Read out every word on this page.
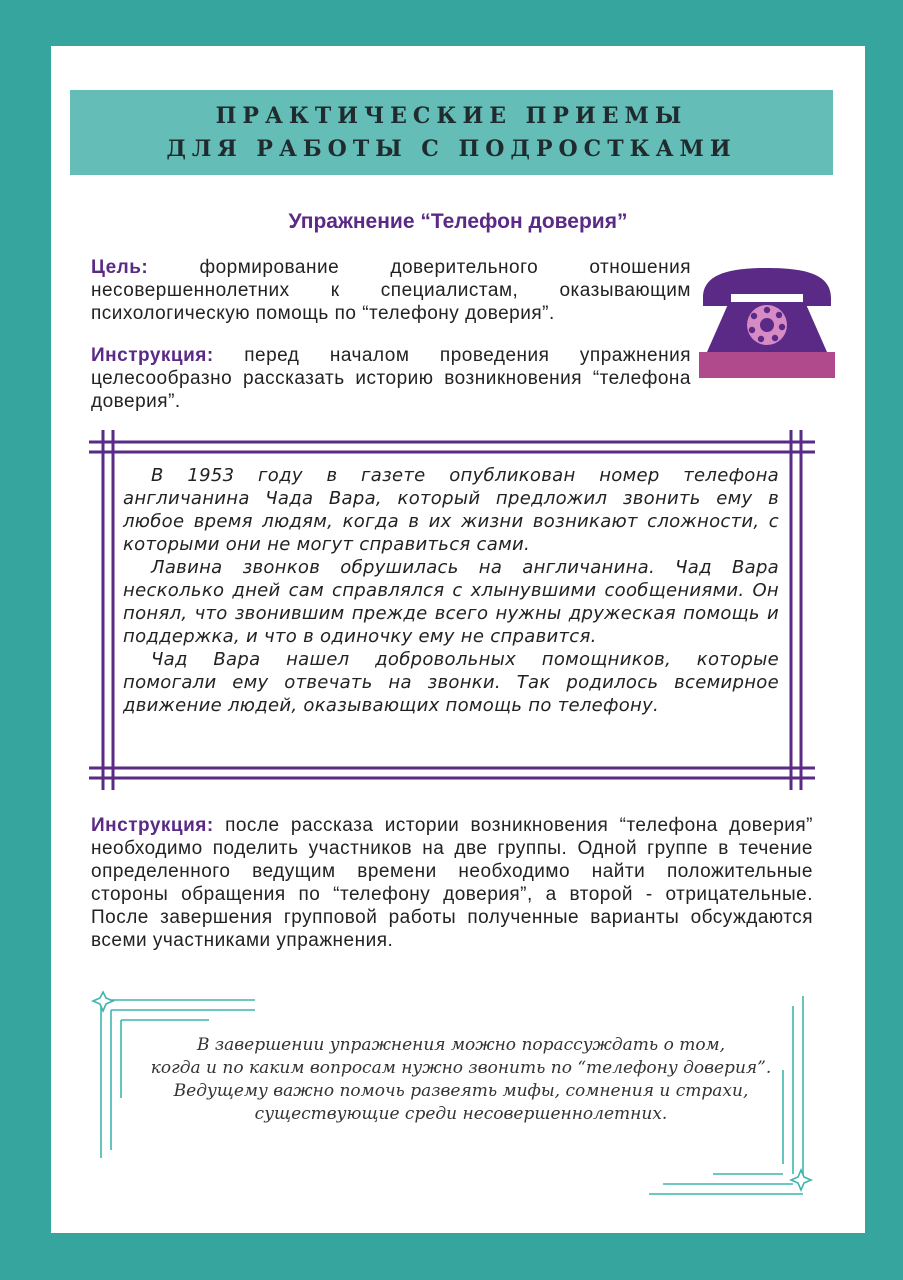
ПРАКТИЧЕСКИЕ ПРИЕМЫ
ДЛЯ РАБОТЫ С ПОДРОСТКАМИ
Упражнение “Телефон доверия”
Цель:	формирование доверительного отношения несовершеннолетних к специалистам, оказывающим психологическую помощь по “телефону доверия”.
Инструкция: перед началом проведения упражнения целесообразно рассказать историю возникновения “телефона доверия”.

В 1953 году в газете опубликован номер телефона англичанина Чада Вара, который предложил звонить ему в любое время людям, когда в их жизни возникают сложности, с которыми они не могут справиться сами.

Лавина звонков обрушилась на англичанина. Чад Вара несколько дней сам справлялся с хлынувшими сообщениями. Он понял, что звонившим прежде всего нужны дружеская помощь и поддержка, и что в одиночку ему не справится.

Чад Вара нашел добровольных помощников, которые помогали ему отвечать на звонки. Так родилось всемирное движение людей, оказывающих помощь по телефону.

Инструкция: после рассказа истории возникновения “телефона доверия” необходимо поделить участников на две группы. Одной группе в течение определенного ведущим времени необходимо найти положительные стороны обращения по “телефону доверия”, а второй - отрицательные. После завершения групповой работы полученные варианты обсуждаются всеми участниками упражнения.
В завершении упражнения можно порассуждать о том,
когда и по каким вопросам нужно звонить по “телефону доверия”.
Ведущему важно помочь развеять мифы, сомнения и страхи,
существующие среди несовершеннолетних.
